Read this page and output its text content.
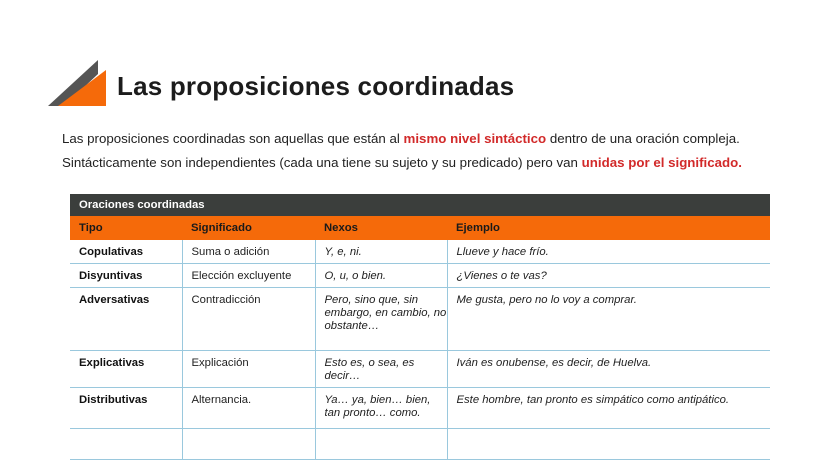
Las proposiciones coordinadas
Las proposiciones coordinadas son aquellas que están al mismo nivel sintáctico dentro de una oración compleja.
Sintácticamente son independientes (cada una tiene su sujeto y su predicado) pero van unidas por el significado.
Oraciones coordinadas			
Tipo	Significado	Nexos	Ejemplo
Copulativas	Suma o adición	Y, e, ni.	Llueve y hace frío.
Disyuntivas	Elección excluyente	O, u, o bien.	¿Vienes o te vas?
Adversativas	Contradicción	Pero, sino que, sin embargo, en cambio, no obstante…	Me gusta, pero no lo voy a comprar.
Explicativas	Explicación	Esto es, o sea, es decir…	Iván es onubense, es decir, de Huelva.
Distributivas	Alternancia.	Ya… ya, bien… bien, tan pronto… como.	Este hombre, tan pronto es simpático como antipático.
